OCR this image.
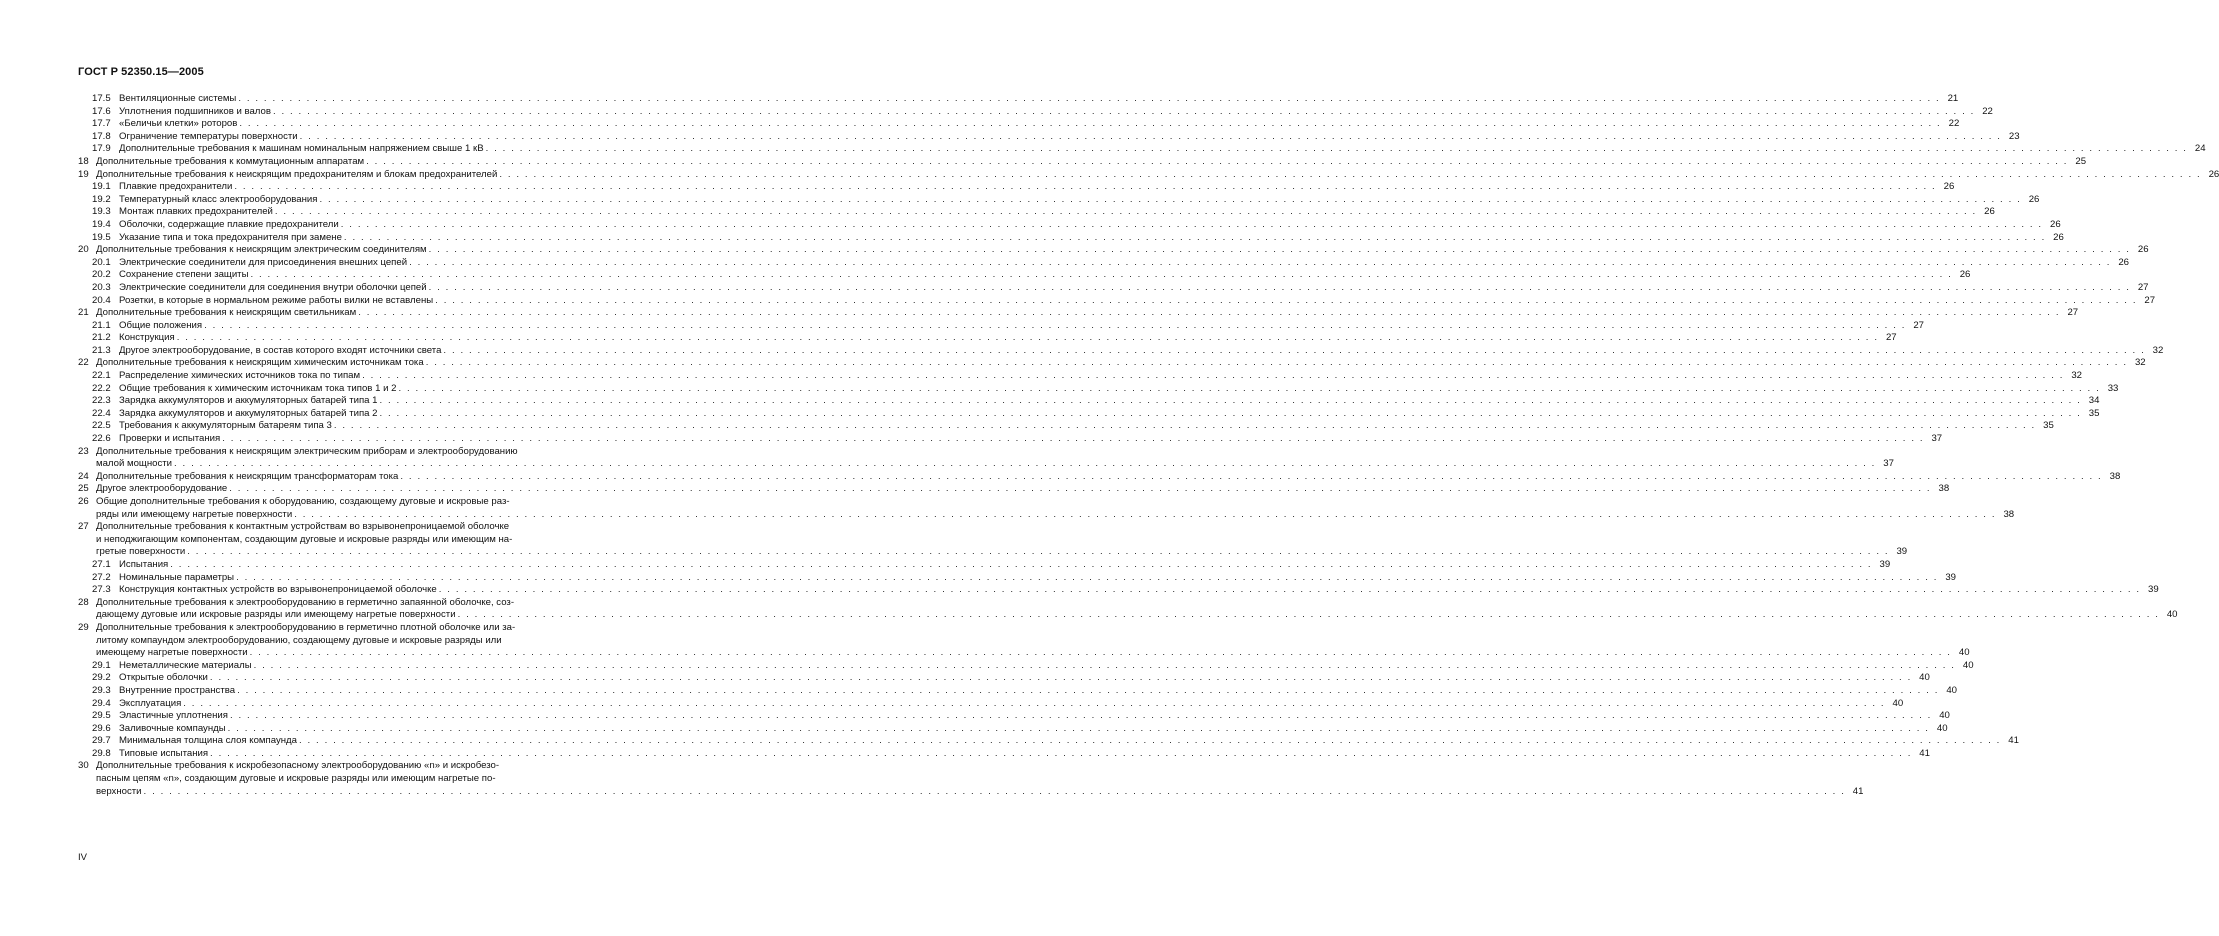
ГОСТ Р 52350.15—2005
17.5 Вентиляционные системы . . . . . . . . . . . . . . . . . . . . . . . . . . . . . . . . . . . . . . . . . . . . . . . . . . . . . . . . . . . . . . . . . . . . . . . . . . . . . . . . . . . . . . . . . . . . . . . . . . . . . . . . . . . . . . . . . . . . . . . . . . . . . . . . . . . . . . . . . . . . . . . . . . . . . . . . . . . . . . . . . . . . . . . . . . . . . . . . . . . . . . . . . . . . . . . . . . . . . . . . 21
17.6 Уплотнения подшипников и валов . . . . . . . . . . . . . . . . . . . . . . . . . . . . . . . . . . . . . . . . . . . . . . . . . . . . . . . . . . . . . . . . . . . . . . . . . . . . . . . . . . . . . . . . . . . . . . . . . . . . . . . . . . . . . . . . . . . . . . . . . . . . . . . . . . . . . . . . . . . . . . . . . . . . . . . . . . . . . . . . . . . . . . . . . . . . . . . . . . . . . . . . . . . . . . . . . . . . . . . . 22
17.7 «Беличьи клетки» роторов . . . . . . . . . . . . . . . . . . . . . . . . . . . . . . . . . . . . . . . . . . . . . . . . . . . . . . . . . . . . . . . . . . . . . . . . . . . . . . . . . . . . . . . . . . . . . . . . . . . . . . . . . . . . . . . . . . . . . . . . . . . . . . . . . . . . . . . . . . . . . . . . . . . . . . . . . . . . . . . . . . . . . . . . . . . . . . . . . . . . . . . . . . . . . . . . . . . . . . . . 22
17.8 Ограничение температуры поверхности . . . . . . . . . . . . . . . . . . . . . . . . . . . . . . . . . . . . . . . . . . . . . . . . . . . . . . . . . . . . . . . . . . . . . . . . . . . . . . . . . . . . . . . . . . . . . . . . . . . . . . . . . . . . . . . . . . . . . . . . . . . . . . . . . . . . . . . . . . . . . . . . . . . . . . . . . . . . . . . . . . . . . . . . . . . . . . . . . . . . . . . . . . . . . . . . . . . . . . . . 23
17.9 Дополнительные требования к машинам номинальным напряжением свыше 1 кВ . . . . . . . . . . . . . . . . . . . . . . . . . . . . . . . . . . . . . . . . . . . . . . . . . . . . . . . . . . . . . . . . . . . . . . . . . . . . . . . . . . . . . . . . . . . . . . . . . . . . . . . . . . . . . . . . . . . . . . . . . . . . . . . . . . . . . . . . . . . . . . . . . . . . . . . . . . . . . . . . . . . . . . . . . . . . . . . . . . . . . . . . . . . . . . . . . . . . . . . . 24
18 Дополнительные требования к коммутационным аппаратам . . . . . . . . . . . . . . . . . . . . . . . . . . . . . . . . . . . . . . . . . . . . . . . . . . . . . . . . . . . . . . . . . . . . . . . . . . . . . . . . . . . . . . . . . . . . . . . . . . . . . . . . . . . . . . . . . . . . . . . . . . . . . . . . . . . . . . . . . . . . . . . . . . . . . . . . . . . . . . . . . . . . . . . . . . . . . . . . . . . . . . . . . . . . . . . . . . . . . . . . 25
19 Дополнительные требования к неискрящим предохранителям и блокам предохранителей . . . . . . . . . . . . . . . . . . . . . . . . . . . . . . . . . . . . . . . . . . . . . . . . . . . . . . . . . . . . . . . . . . . . . . . . . . . . . . . . . . . . . . . . . . . . . . . . . . . . . . . . . . . . . . . . . . . . . . . . . . . . . . . . . . . . . . . . . . . . . . . . . . . . . . . . . . . . . . . . . . . . . . . . . . . . . . . . . . . . . . . . . . . . . . . . . . . . . . . . 26
19.1 Плавкие предохранители . . . . . . . . . . . . . . . . . . . . . . . . . . . . . . . . . . . . . . . . . . . . . . . . . . . . . . . . . . . . . . . . . . . . . . . . . . . . . . . . . . . . . . . . . . . . . . . . . . . . . . . . . . . . . . . . . . . . . . . . . . . . . . . . . . . . . . . . . . . . . . . . . . . . . . . . . . . . . . . . . . . . . . . . . . . . . . . . . . . . . . . . . . . . . . . . . . . . . . . . 26
19.2 Температурный класс электрооборудования . . . . . . . . . . . . . . . . . . . . . . . . . . . . . . . . . . . . . . . . . . . . . . . . . . . . . . . . . . . . . . . . . . . . . . . . . . . . . . . . . . . . . . . . . . . . . . . . . . . . . . . . . . . . . . . . . . . . . . . . . . . . . . . . . . . . . . . . . . . . . . . . . . . . . . . . . . . . . . . . . . . . . . . . . . . . . . . . . . . . . . . . . . . . . . . . . . . . . . . . 26
19.3 Монтаж плавких предохранителей . . . . . . . . . . . . . . . . . . . . . . . . . . . . . . . . . . . . . . . . . . . . . . . . . . . . . . . . . . . . . . . . . . . . . . . . . . . . . . . . . . . . . . . . . . . . . . . . . . . . . . . . . . . . . . . . . . . . . . . . . . . . . . . . . . . . . . . . . . . . . . . . . . . . . . . . . . . . . . . . . . . . . . . . . . . . . . . . . . . . . . . . . . . . . . . . . . . . . . . . 26
19.4 Оболочки, содержащие плавкие предохранители . . . . . . . . . . . . . . . . . . . . . . . . . . . . . . . . . . . . . . . . . . . . . . . . . . . . . . . . . . . . . . . . . . . . . . . . . . . . . . . . . . . . . . . . . . . . . . . . . . . . . . . . . . . . . . . . . . . . . . . . . . . . . . . . . . . . . . . . . . . . . . . . . . . . . . . . . . . . . . . . . . . . . . . . . . . . . . . . . . . . . . . . . . . . . . . . . . . . . . . . 26
19.5 Указание типа и тока предохранителя при замене . . . . . . . . . . . . . . . . . . . . . . . . . . . . . . . . . . . . . . . . . . . . . . . . . . . . . . . . . . . . . . . . . . . . . . . . . . . . . . . . . . . . . . . . . . . . . . . . . . . . . . . . . . . . . . . . . . . . . . . . . . . . . . . . . . . . . . . . . . . . . . . . . . . . . . . . . . . . . . . . . . . . . . . . . . . . . . . . . . . . . . . . . . . . . . . . . . . . . . . . 26
20 Дополнительные требования к неискрящим электрическим соединителям . . . . . . . . . . . . . . . . . . . . . . . . . . . . . . . . . . . . . . . . . . . . . . . . . . . . . . . . . . . . . . . . . . . . . . . . . . . . . . . . . . . . . . . . . . . . . . . . . . . . . . . . . . . . . . . . . . . . . . . . . . . . . . . . . . . . . . . . . . . . . . . . . . . . . . . . . . . . . . . . . . . . . . . . . . . . . . . . . . . . . . . . . . . . . . . . . . . . . . . . 26
20.1 Электрические соединители для присоединения внешних цепей . . . . . . . . . . . . . . . . . . . . . . . . . . . . . . . . . . . . . . . . . . . . . . . . . . . . . . . . . . . . . . . . . . . . . . . . . . . . . . . . . . . . . . . . . . . . . . . . . . . . . . . . . . . . . . . . . . . . . . . . . . . . . . . . . . . . . . . . . . . . . . . . . . . . . . . . . . . . . . . . . . . . . . . . . . . . . . . . . . . . . . . . . . . . . . . . . . . . . . . . 26
20.2 Сохранение степени защиты . . . . . . . . . . . . . . . . . . . . . . . . . . . . . . . . . . . . . . . . . . . . . . . . . . . . . . . . . . . . . . . . . . . . . . . . . . . . . . . . . . . . . . . . . . . . . . . . . . . . . . . . . . . . . . . . . . . . . . . . . . . . . . . . . . . . . . . . . . . . . . . . . . . . . . . . . . . . . . . . . . . . . . . . . . . . . . . . . . . . . . . . . . . . . . . . . . . . . . . . 26
20.3 Электрические соединители для соединения внутри оболочки цепей . . . . . . . . . . . . . . . . . . . . . . . . . . . . . . . . . . . . . . . . . . . . . . . . . . . . . . . . . . . . . . . . . . . . . . . . . . . . . . . . . . . . . . . . . . . . . . . . . . . . . . . . . . . . . . . . . . . . . . . . . . . . . . . . . . . . . . . . . . . . . . . . . . . . . . . . . . . . . . . . . . . . . . . . . . . . . . . . . . . . . . . . . . . . . . . . . . . . . . . . 27
20.4 Розетки, в которые в нормальном режиме работы вилки не вставлены . . . . . . . . . . . . . . . . . . . . . . . . . . . . . . . . . . . . . . . . . . . . . . . . . . . . . . . . . . . . . . . . . . . . . . . . . . . . . . . . . . . . . . . . . . . . . . . . . . . . . . . . . . . . . . . . . . . . . . . . . . . . . . . . . . . . . . . . . . . . . . . . . . . . . . . . . . . . . . . . . . . . . . . . . . . . . . . . . . . . . . . . . . . . . . . . . . . . . . . . 27
21 Дополнительные требования к неискрящим светильникам . . . . . . . . . . . . . . . . . . . . . . . . . . . . . . . . . . . . . . . . . . . . . . . . . . . . . . . . . . . . . . . . . . . . . . . . . . . . . . . . . . . . . . . . . . . . . . . . . . . . . . . . . . . . . . . . . . . . . . . . . . . . . . . . . . . . . . . . . . . . . . . . . . . . . . . . . . . . . . . . . . . . . . . . . . . . . . . . . . . . . . . . . . . . . . . . . . . . . . . . 27
21.1 Общие положения . . . . . . . . . . . . . . . . . . . . . . . . . . . . . . . . . . . . . . . . . . . . . . . . . . . . . . . . . . . . . . . . . . . . . . . . . . . . . . . . . . . . . . . . . . . . . . . . . . . . . . . . . . . . . . . . . . . . . . . . . . . . . . . . . . . . . . . . . . . . . . . . . . . . . . . . . . . . . . . . . . . . . . . . . . . . . . . . . . . . . . . . . . . . . . . . . . . . . . . . 27
21.2 Конструкция . . . . . . . . . . . . . . . . . . . . . . . . . . . . . . . . . . . . . . . . . . . . . . . . . . . . . . . . . . . . . . . . . . . . . . . . . . . . . . . . . . . . . . . . . . . . . . . . . . . . . . . . . . . . . . . . . . . . . . . . . . . . . . . . . . . . . . . . . . . . . . . . . . . . . . . . . . . . . . . . . . . . . . . . . . . . . . . . . . . . . . . . . . . . . . . . . . . . . . . . 27
21.3 Другое электрооборудование, в состав которого входят источники света . . . . . . . . . . . . . . . . . . . . . . . . . . . . . . . . . . . . . . . . . . . . . . . . . . . . . . . . . . . . . . . . . . . . . . . . . . . . . . . . . . . . . . . . . . . . . . . . . . . . . . . . . . . . . . . . . . . . . . . . . . . . . . . . . . . . . . . . . . . . . . . . . . . . . . . . . . . . . . . . . . . . . . . . . . . . . . . . . . . . . . . . . . . . . . . . . . . . . . . . 32
22 Дополнительные требования к неискрящим химическим источникам тока . . . . . . . . . . . . . . . . . . . . . . . . . . . . . . . . . . . . . . . . . . . . . . . . . . . . . . . . . . . . . . . . . . . . . . . . . . . . . . . . . . . . . . . . . . . . . . . . . . . . . . . . . . . . . . . . . . . . . . . . . . . . . . . . . . . . . . . . . . . . . . . . . . . . . . . . . . . . . . . . . . . . . . . . . . . . . . . . . . . . . . . . . . . . . . . . . . . . . . . . 32
22.1 Распределение химических источников тока по типам . . . . . . . . . . . . . . . . . . . . . . . . . . . . . . . . . . . . . . . . . . . . . . . . . . . . . . . . . . . . . . . . . . . . . . . . . . . . . . . . . . . . . . . . . . . . . . . . . . . . . . . . . . . . . . . . . . . . . . . . . . . . . . . . . . . . . . . . . . . . . . . . . . . . . . . . . . . . . . . . . . . . . . . . . . . . . . . . . . . . . . . . . . . . . . . . . . . . . . . . 32
22.2 Общие требования к химическим источникам тока типов 1 и 2 . . . . . . . . . . . . . . . . . . . . . . . . . . . . . . . . . . . . . . . . . . . . . . . . . . . . . . . . . . . . . . . . . . . . . . . . . . . . . . . . . . . . . . . . . . . . . . . . . . . . . . . . . . . . . . . . . . . . . . . . . . . . . . . . . . . . . . . . . . . . . . . . . . . . . . . . . . . . . . . . . . . . . . . . . . . . . . . . . . . . . . . . . . . . . . . . . . . . . . . . 33
22.3 Зарядка аккумуляторов и аккумуляторных батарей типа 1 . . . . . . . . . . . . . . . . . . . . . . . . . . . . . . . . . . . . . . . . . . . . . . . . . . . . . . . . . . . . . . . . . . . . . . . . . . . . . . . . . . . . . . . . . . . . . . . . . . . . . . . . . . . . . . . . . . . . . . . . . . . . . . . . . . . . . . . . . . . . . . . . . . . . . . . . . . . . . . . . . . . . . . . . . . . . . . . . . . . . . . . . . . . . . . . . . . . . . . . . 34
22.4 Зарядка аккумуляторов и аккумуляторных батарей типа 2 . . . . . . . . . . . . . . . . . . . . . . . . . . . . . . . . . . . . . . . . . . . . . . . . . . . . . . . . . . . . . . . . . . . . . . . . . . . . . . . . . . . . . . . . . . . . . . . . . . . . . . . . . . . . . . . . . . . . . . . . . . . . . . . . . . . . . . . . . . . . . . . . . . . . . . . . . . . . . . . . . . . . . . . . . . . . . . . . . . . . . . . . . . . . . . . . . . . . . . . . 35
22.5 Требования к аккумуляторным батареям типа 3 . . . . . . . . . . . . . . . . . . . . . . . . . . . . . . . . . . . . . . . . . . . . . . . . . . . . . . . . . . . . . . . . . . . . . . . . . . . . . . . . . . . . . . . . . . . . . . . . . . . . . . . . . . . . . . . . . . . . . . . . . . . . . . . . . . . . . . . . . . . . . . . . . . . . . . . . . . . . . . . . . . . . . . . . . . . . . . . . . . . . . . . . . . . . . . . . . . . . . . . . 35
22.6 Проверки и испытания . . . . . . . . . . . . . . . . . . . . . . . . . . . . . . . . . . . . . . . . . . . . . . . . . . . . . . . . . . . . . . . . . . . . . . . . . . . . . . . . . . . . . . . . . . . . . . . . . . . . . . . . . . . . . . . . . . . . . . . . . . . . . . . . . . . . . . . . . . . . . . . . . . . . . . . . . . . . . . . . . . . . . . . . . . . . . . . . . . . . . . . . . . . . . . . . . . . . . . . . 37
23 Дополнительные требования к неискрящим электрическим приборам и электрооборудованию
малой мощности . . . . . . . . . . . . . . . . . . . . . . . . . . . . . . . . . . . . . . . . . . . . . . . . . . . . . . . . . . . . . . . . . . . . . . . . . . . . . . . . . . . . . . . . . . . . . . . . . . . . . . . . . . . . . . . . . . . . . . . . . . . . . . . . . . . . . . . . . . . . . . . . . . . . . . . . . . . . . . . . . . . . . . . . . . . . . . . . . . . . . . . . . . . . . . . . . . . . . . . . 37
24 Дополнительные требования к неискрящим трансформаторам тока . . . . . . . . . . . . . . . . . . . . . . . . . . . . . . . . . . . . . . . . . . . . . . . . . . . . . . . . . . . . . . . . . . . . . . . . . . . . . . . . . . . . . . . . . . . . . . . . . . . . . . . . . . . . . . . . . . . . . . . . . . . . . . . . . . . . . . . . . . . . . . . . . . . . . . . . . . . . . . . . . . . . . . . . . . . . . . . . . . . . . . . . . . . . . . . . . . . . . . . . 38
25 Другое электрооборудование . . . . . . . . . . . . . . . . . . . . . . . . . . . . . . . . . . . . . . . . . . . . . . . . . . . . . . . . . . . . . . . . . . . . . . . . . . . . . . . . . . . . . . . . . . . . . . . . . . . . . . . . . . . . . . . . . . . . . . . . . . . . . . . . . . . . . . . . . . . . . . . . . . . . . . . . . . . . . . . . . . . . . . . . . . . . . . . . . . . . . . . . . . . . . . . . . . . . . . . . 38
26 Общие дополнительные требования к оборудованию, создающему дуговые и искровые раз-
ряды или имеющему нагретые поверхности . . . . . . . . . . . . . . . . . . . . . . . . . . . . . . . . . . . . . . . . . . . . . . . . . . . . . . . . . . . . . . . . . . . . . . . . . . . . . . . . . . . . . . . . . . . . . . . . . . . . . . . . . . . . . . . . . . . . . . . . . . . . . . . . . . . . . . . . . . . . . . . . . . . . . . . . . . . . . . . . . . . . . . . . . . . . . . . . . . . . . . . . . . . . . . . . . . . . . . . . 38
27 Дополнительные требования к контактным устройствам во взрывонепроницаемой оболочке
и неподжигающим компонентам, создающим дуговые и искровые разряды или имеющим на-
гретые поверхности . . . . . . . . . . . . . . . . . . . . . . . . . . . . . . . . . . . . . . . . . . . . . . . . . . . . . . . . . . . . . . . . . . . . . . . . . . . . . . . . . . . . . . . . . . . . . . . . . . . . . . . . . . . . . . . . . . . . . . . . . . . . . . . . . . . . . . . . . . . . . . . . . . . . . . . . . . . . . . . . . . . . . . . . . . . . . . . . . . . . . . . . . . . . . . . . . . . . . . . . 39
27.1 Испытания . . . . . . . . . . . . . . . . . . . . . . . . . . . . . . . . . . . . . . . . . . . . . . . . . . . . . . . . . . . . . . . . . . . . . . . . . . . . . . . . . . . . . . . . . . . . . . . . . . . . . . . . . . . . . . . . . . . . . . . . . . . . . . . . . . . . . . . . . . . . . . . . . . . . . . . . . . . . . . . . . . . . . . . . . . . . . . . . . . . . . . . . . . . . . . . . . . . . . . . . 39
27.2 Номинальные параметры . . . . . . . . . . . . . . . . . . . . . . . . . . . . . . . . . . . . . . . . . . . . . . . . . . . . . . . . . . . . . . . . . . . . . . . . . . . . . . . . . . . . . . . . . . . . . . . . . . . . . . . . . . . . . . . . . . . . . . . . . . . . . . . . . . . . . . . . . . . . . . . . . . . . . . . . . . . . . . . . . . . . . . . . . . . . . . . . . . . . . . . . . . . . . . . . . . . . . . . . 39
27.3 Конструкция контактных устройств во взрывонепроницаемой оболочке . . . . . . . . . . . . . . . . . . . . . . . . . . . . . . . . . . . . . . . . . . . . . . . . . . . . . . . . . . . . . . . . . . . . . . . . . . . . . . . . . . . . . . . . . . . . . . . . . . . . . . . . . . . . . . . . . . . . . . . . . . . . . . . . . . . . . . . . . . . . . . . . . . . . . . . . . . . . . . . . . . . . . . . . . . . . . . . . . . . . . . . . . . . . . . . . . . . . . . . . 39
28 Дополнительные требования к электрооборудованию в герметично запаянной оболочке, соз-
дающему дуговые или искровые разряды или имеющему нагретые поверхности . . . . . . . . . . . . . . . . . . . . . . . . . . . . . . . . . . . . . . . . . . . . . . . . . . . . . . . . . . . . . . . . . . . . . . . . . . . . . . . . . . . . . . . . . . . . . . . . . . . . . . . . . . . . . . . . . . . . . . . . . . . . . . . . . . . . . . . . . . . . . . . . . . . . . . . . . . . . . . . . . . . . . . . . . . . . . . . . . . . . . . . . . . . . . . . . . . . . . . . . 40
29 Дополнительные требования к электрооборудованию в герметично плотной оболочке или за-
литому компаундом электрооборудованию, создающему дуговые и искровые разряды или
имеющему нагретые поверхности . . . . . . . . . . . . . . . . . . . . . . . . . . . . . . . . . . . . . . . . . . . . . . . . . . . . . . . . . . . . . . . . . . . . . . . . . . . . . . . . . . . . . . . . . . . . . . . . . . . . . . . . . . . . . . . . . . . . . . . . . . . . . . . . . . . . . . . . . . . . . . . . . . . . . . . . . . . . . . . . . . . . . . . . . . . . . . . . . . . . . . . . . . . . . . . . . . . . . . . . 40
29.1 Неметаллические материалы . . . . . . . . . . . . . . . . . . . . . . . . . . . . . . . . . . . . . . . . . . . . . . . . . . . . . . . . . . . . . . . . . . . . . . . . . . . . . . . . . . . . . . . . . . . . . . . . . . . . . . . . . . . . . . . . . . . . . . . . . . . . . . . . . . . . . . . . . . . . . . . . . . . . . . . . . . . . . . . . . . . . . . . . . . . . . . . . . . . . . . . . . . . . . . . . . . . . . . . . 40
29.2 Открытые оболочки . . . . . . . . . . . . . . . . . . . . . . . . . . . . . . . . . . . . . . . . . . . . . . . . . . . . . . . . . . . . . . . . . . . . . . . . . . . . . . . . . . . . . . . . . . . . . . . . . . . . . . . . . . . . . . . . . . . . . . . . . . . . . . . . . . . . . . . . . . . . . . . . . . . . . . . . . . . . . . . . . . . . . . . . . . . . . . . . . . . . . . . . . . . . . . . . . . . . . . . . 40
29.3 Внутренние пространства . . . . . . . . . . . . . . . . . . . . . . . . . . . . . . . . . . . . . . . . . . . . . . . . . . . . . . . . . . . . . . . . . . . . . . . . . . . . . . . . . . . . . . . . . . . . . . . . . . . . . . . . . . . . . . . . . . . . . . . . . . . . . . . . . . . . . . . . . . . . . . . . . . . . . . . . . . . . . . . . . . . . . . . . . . . . . . . . . . . . . . . . . . . . . . . . . . . . . . . . 40
29.4 Эксплуатация . . . . . . . . . . . . . . . . . . . . . . . . . . . . . . . . . . . . . . . . . . . . . . . . . . . . . . . . . . . . . . . . . . . . . . . . . . . . . . . . . . . . . . . . . . . . . . . . . . . . . . . . . . . . . . . . . . . . . . . . . . . . . . . . . . . . . . . . . . . . . . . . . . . . . . . . . . . . . . . . . . . . . . . . . . . . . . . . . . . . . . . . . . . . . . . . . . . . . . . . 40
29.5 Эластичные уплотнения . . . . . . . . . . . . . . . . . . . . . . . . . . . . . . . . . . . . . . . . . . . . . . . . . . . . . . . . . . . . . . . . . . . . . . . . . . . . . . . . . . . . . . . . . . . . . . . . . . . . . . . . . . . . . . . . . . . . . . . . . . . . . . . . . . . . . . . . . . . . . . . . . . . . . . . . . . . . . . . . . . . . . . . . . . . . . . . . . . . . . . . . . . . . . . . . . . . . . . . . 40
29.6 Заливочные компаунды . . . . . . . . . . . . . . . . . . . . . . . . . . . . . . . . . . . . . . . . . . . . . . . . . . . . . . . . . . . . . . . . . . . . . . . . . . . . . . . . . . . . . . . . . . . . . . . . . . . . . . . . . . . . . . . . . . . . . . . . . . . . . . . . . . . . . . . . . . . . . . . . . . . . . . . . . . . . . . . . . . . . . . . . . . . . . . . . . . . . . . . . . . . . . . . . . . . . . . . . 40
29.7 Минимальная толщина слоя компаунда . . . . . . . . . . . . . . . . . . . . . . . . . . . . . . . . . . . . . . . . . . . . . . . . . . . . . . . . . . . . . . . . . . . . . . . . . . . . . . . . . . . . . . . . . . . . . . . . . . . . . . . . . . . . . . . . . . . . . . . . . . . . . . . . . . . . . . . . . . . . . . . . . . . . . . . . . . . . . . . . . . . . . . . . . . . . . . . . . . . . . . . . . . . . . . . . . . . . . . . . 41
29.8 Типовые испытания . . . . . . . . . . . . . . . . . . . . . . . . . . . . . . . . . . . . . . . . . . . . . . . . . . . . . . . . . . . . . . . . . . . . . . . . . . . . . . . . . . . . . . . . . . . . . . . . . . . . . . . . . . . . . . . . . . . . . . . . . . . . . . . . . . . . . . . . . . . . . . . . . . . . . . . . . . . . . . . . . . . . . . . . . . . . . . . . . . . . . . . . . . . . . . . . . . . . . . . . 41
30 Дополнительные требования к искробезопасному электрооборудованию «n» и искробезо-
пасным цепям «n», создающим дуговые и искровые разряды или имеющим нагретые по-
верхности . . . . . . . . . . . . . . . . . . . . . . . . . . . . . . . . . . . . . . . . . . . . . . . . . . . . . . . . . . . . . . . . . . . . . . . . . . . . . . . . . . . . . . . . . . . . . . . . . . . . . . . . . . . . . . . . . . . . . . . . . . . . . . . . . . . . . . . . . . . . . . . . . . . . . . . . . . . . . . . . . . . . . . . . . . . . . . . . . . . . . . . . . . . . . . . . . . . . . . . . 41
IV
